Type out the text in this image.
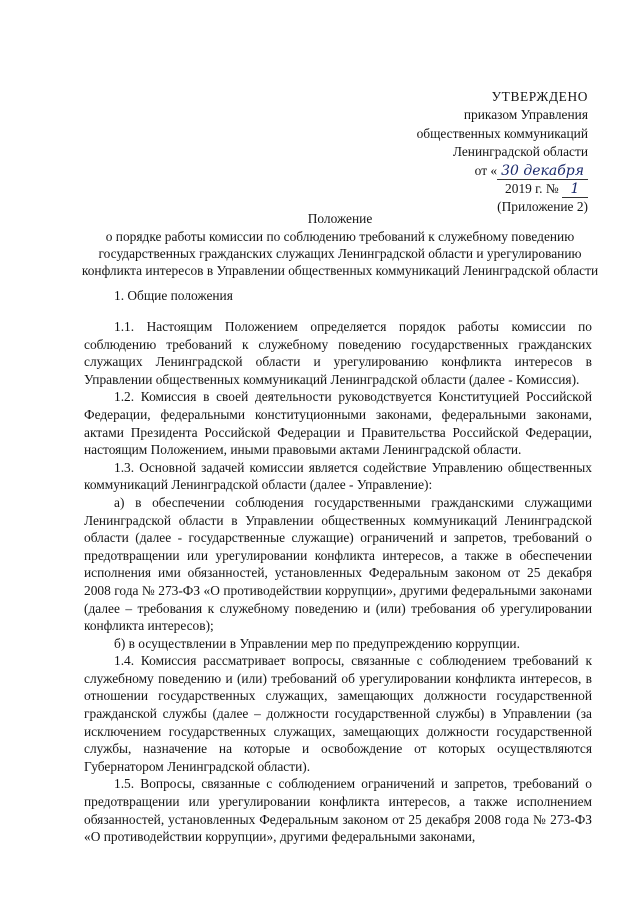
УТВЕРЖДЕНО
приказом Управления
общественных коммуникаций
Ленинградской области
от « 30 декабря
2019 г. № 1
(Приложение 2)
Положение
о порядке работы комиссии по соблюдению требований к служебному поведению государственных гражданских служащих Ленинградской области и урегулированию конфликта интересов в Управлении общественных коммуникаций Ленинградской области
1. Общие положения

1.1. Настоящим Положением определяется порядок работы комиссии по соблюдению требований к служебному поведению государственных гражданских служащих Ленинградской области и урегулированию конфликта интересов в Управлении общественных коммуникаций Ленинградской области (далее - Комиссия).

1.2. Комиссия в своей деятельности руководствуется Конституцией Российской Федерации, федеральными конституционными законами, федеральными законами, актами Президента Российской Федерации и Правительства Российской Федерации, настоящим Положением, иными правовыми актами Ленинградской области.

1.3. Основной задачей комиссии является содействие Управлению общественных коммуникаций Ленинградской области (далее - Управление):

а) в обеспечении соблюдения государственными гражданскими служащими Ленинградской области в Управлении общественных коммуникаций Ленинградской области (далее - государственные служащие) ограничений и запретов, требований о предотвращении или урегулировании конфликта интересов, а также в обеспечении исполнения ими обязанностей, установленных Федеральным законом от 25 декабря 2008 года № 273-ФЗ «О противодействии коррупции», другими федеральными законами (далее – требования к служебному поведению и (или) требования об урегулировании конфликта интересов);

б) в осуществлении в Управлении мер по предупреждению коррупции.

1.4. Комиссия рассматривает вопросы, связанные с соблюдением требований к служебному поведению и (или) требований об урегулировании конфликта интересов, в отношении государственных служащих, замещающих должности государственной гражданской службы (далее – должности государственной службы) в Управлении (за исключением государственных служащих, замещающих должности государственной службы, назначение на которые и освобождение от которых осуществляются Губернатором Ленинградской области).

1.5. Вопросы, связанные с соблюдением ограничений и запретов, требований о предотвращении или урегулировании конфликта интересов, а также исполнением обязанностей, установленных Федеральным законом от 25 декабря 2008 года № 273-ФЗ «О противодействии коррупции», другими федеральными законами,
